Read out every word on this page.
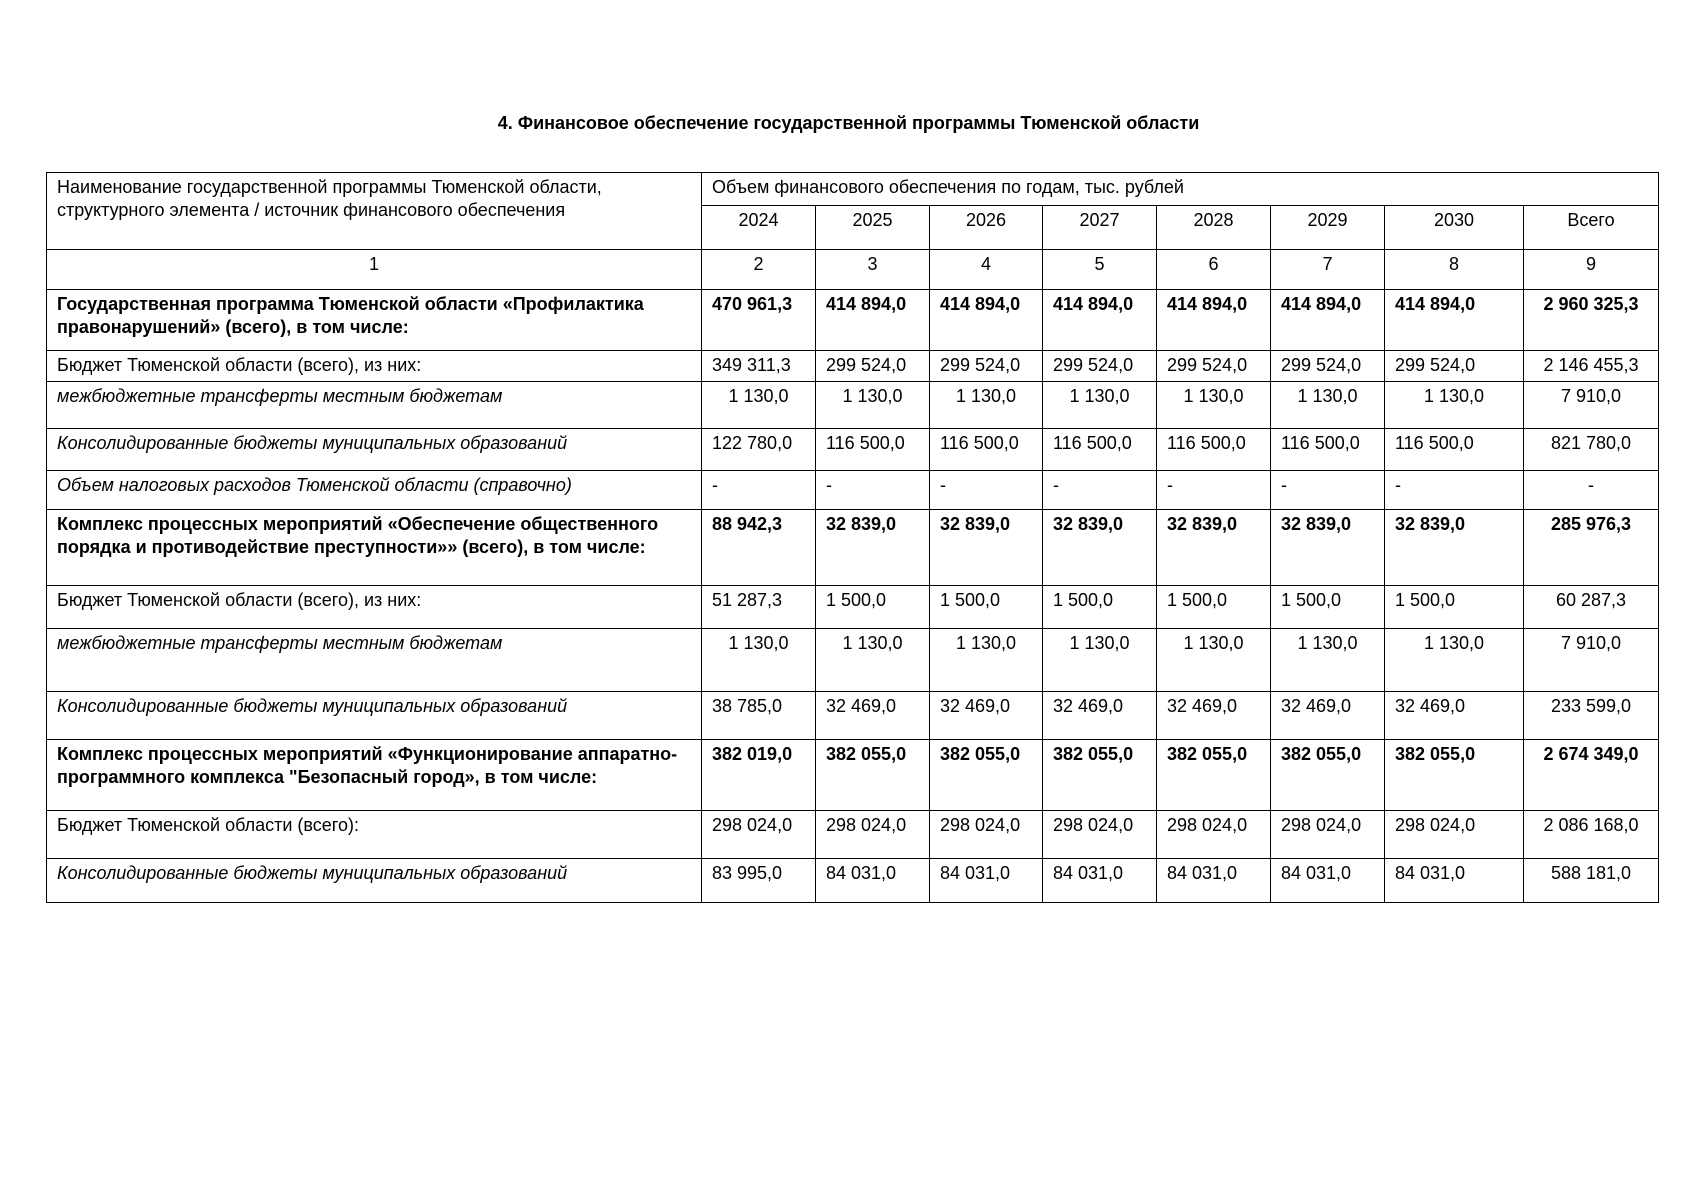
4. Финансовое обеспечение государственной программы Тюменской области
Наименование государственной программы Тюменской области, структурного элемента / источник финансового обеспечения	Объем финансового обеспечения по годам, тыс. рублей							
	2024	2025	2026	2027	2028	2029	2030	Всего
1	2	3	4	5	6	7	8	9
Государственная программа Тюменской области «Профилактика правонарушений» (всего), в том числе:	470 961,3	414 894,0	414 894,0	414 894,0	414 894,0	414 894,0	414 894,0	2 960 325,3
Бюджет Тюменской области (всего), из них:	349 311,3	299 524,0	299 524,0	299 524,0	299 524,0	299 524,0	299 524,0	2 146 455,3
межбюджетные трансферты местным бюджетам	1 130,0	1 130,0	1 130,0	1 130,0	1 130,0	1 130,0	1 130,0	7 910,0
Консолидированные бюджеты муниципальных образований	122 780,0	116 500,0	116 500,0	116 500,0	116 500,0	116 500,0	116 500,0	821 780,0
Объем налоговых расходов Тюменской области (справочно)	-	-	-	-	-	-	-	-
Комплекс процессных мероприятий «Обеспечение общественного порядка и противодействие преступности»» (всего), в том числе:	88 942,3	32 839,0	32 839,0	32 839,0	32 839,0	32 839,0	32 839,0	285 976,3
Бюджет Тюменской области (всего), из них:	51 287,3	1 500,0	1 500,0	1 500,0	1 500,0	1 500,0	1 500,0	60 287,3
межбюджетные трансферты местным бюджетам	1 130,0	1 130,0	1 130,0	1 130,0	1 130,0	1 130,0	1 130,0	7 910,0
Консолидированные бюджеты муниципальных образований	38 785,0	32 469,0	32 469,0	32 469,0	32 469,0	32 469,0	32 469,0	233 599,0
Комплекс процессных мероприятий «Функционирование аппаратно-программного комплекса "Безопасный город», в том числе:	382 019,0	382 055,0	382 055,0	382 055,0	382 055,0	382 055,0	382 055,0	2 674 349,0
Бюджет Тюменской области (всего):	298 024,0	298 024,0	298 024,0	298 024,0	298 024,0	298 024,0	298 024,0	2 086 168,0
Консолидированные бюджеты муниципальных образований	83 995,0	84 031,0	84 031,0	84 031,0	84 031,0	84 031,0	84 031,0	588 181,0
